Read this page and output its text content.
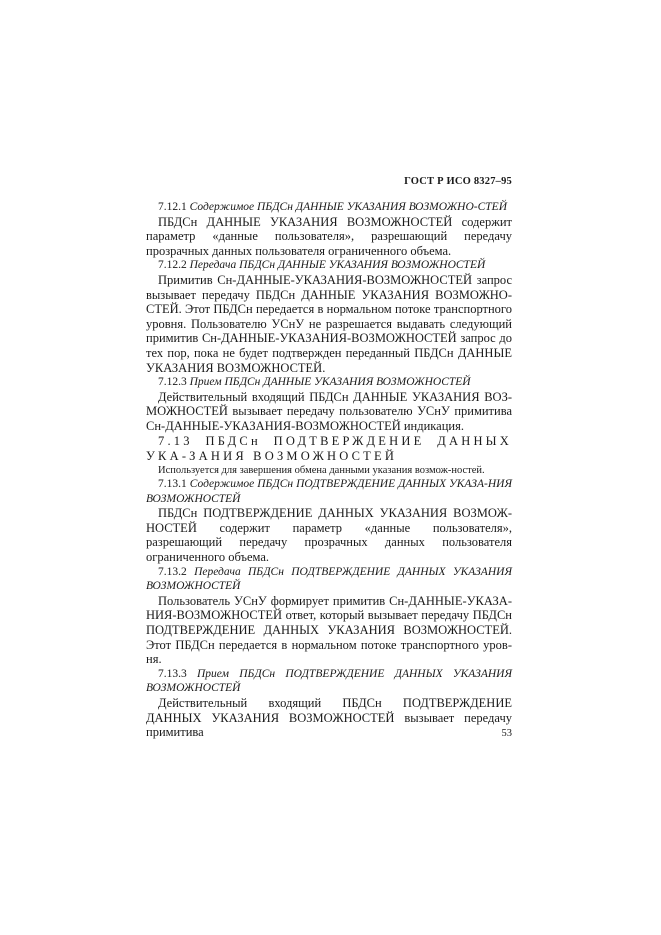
ГОСТ Р ИСО 8327–95

7.12.1 Содержимое ПБДСн ДАННЫЕ УКАЗАНИЯ ВОЗМОЖНО-СТЕЙ

ПБДСн ДАННЫЕ УКАЗАНИЯ ВОЗМОЖНОСТЕЙ содержит параметр «данные пользователя», разрешающий передачу прозрачных данных пользователя ограниченного объема.

7.12.2 Передача ПБДСн ДАННЫЕ УКАЗАНИЯ ВОЗМОЖНОСТЕЙ

Примитив Сн-ДАННЫЕ-УКАЗАНИЯ-ВОЗМОЖНОСТЕЙ запрос вызывает передачу ПБДСн ДАННЫЕ УКАЗАНИЯ ВОЗМОЖНО-СТЕЙ. Этот ПБДСн передается в нормальном потоке транспортного уровня. Пользователю УСнУ не разрешается выдавать следующий примитив Сн-ДАННЫЕ-УКАЗАНИЯ-ВОЗМОЖНОСТЕЙ запрос до тех пор, пока не будет подтвержден переданный ПБДСн ДАННЫЕ УКАЗАНИЯ ВОЗМОЖНОСТЕЙ.

7.12.3 Прием ПБДСн ДАННЫЕ УКАЗАНИЯ ВОЗМОЖНОСТЕЙ

Действительный входящий ПБДСн ДАННЫЕ УКАЗАНИЯ ВОЗ-МОЖНОСТЕЙ вызывает передачу пользователю УСнУ примитива Сн-ДАННЫЕ-УКАЗАНИЯ-ВОЗМОЖНОСТЕЙ индикация.

7.13 ПБДСн ПОДТВЕРЖДЕНИЕ ДАННЫХ УКА-ЗАНИЯ ВОЗМОЖНОСТЕЙ

Используется для завершения обмена данными указания возмож-ностей.

7.13.1 Содержимое ПБДСн ПОДТВЕРЖДЕНИЕ ДАННЫХ УКАЗА-НИЯ ВОЗМОЖНОСТЕЙ

ПБДСн ПОДТВЕРЖДЕНИЕ ДАННЫХ УКАЗАНИЯ ВОЗМОЖ-НОСТЕЙ содержит параметр «данные пользователя», разрешающий передачу прозрачных данных пользователя ограниченного объема.

7.13.2 Передача ПБДСн ПОДТВЕРЖДЕНИЕ ДАННЫХ УКАЗАНИЯ ВОЗМОЖНОСТЕЙ

Пользователь УСнУ формирует примитив Сн-ДАННЫЕ-УКАЗА-НИЯ-ВОЗМОЖНОСТЕЙ ответ, который вызывает передачу ПБДСн ПОДТВЕРЖДЕНИЕ ДАННЫХ УКАЗАНИЯ ВОЗМОЖНОСТЕЙ. Этот ПБДСн передается в нормальном потоке транспортного уров-ня.

7.13.3 Прием ПБДСн ПОДТВЕРЖДЕНИЕ ДАННЫХ УКАЗАНИЯ ВОЗМОЖНОСТЕЙ

Действительный входящий ПБДСн ПОДТВЕРЖДЕНИЕ ДАННЫХ УКАЗАНИЯ ВОЗМОЖНОСТЕЙ вызывает передачу примитива	53
